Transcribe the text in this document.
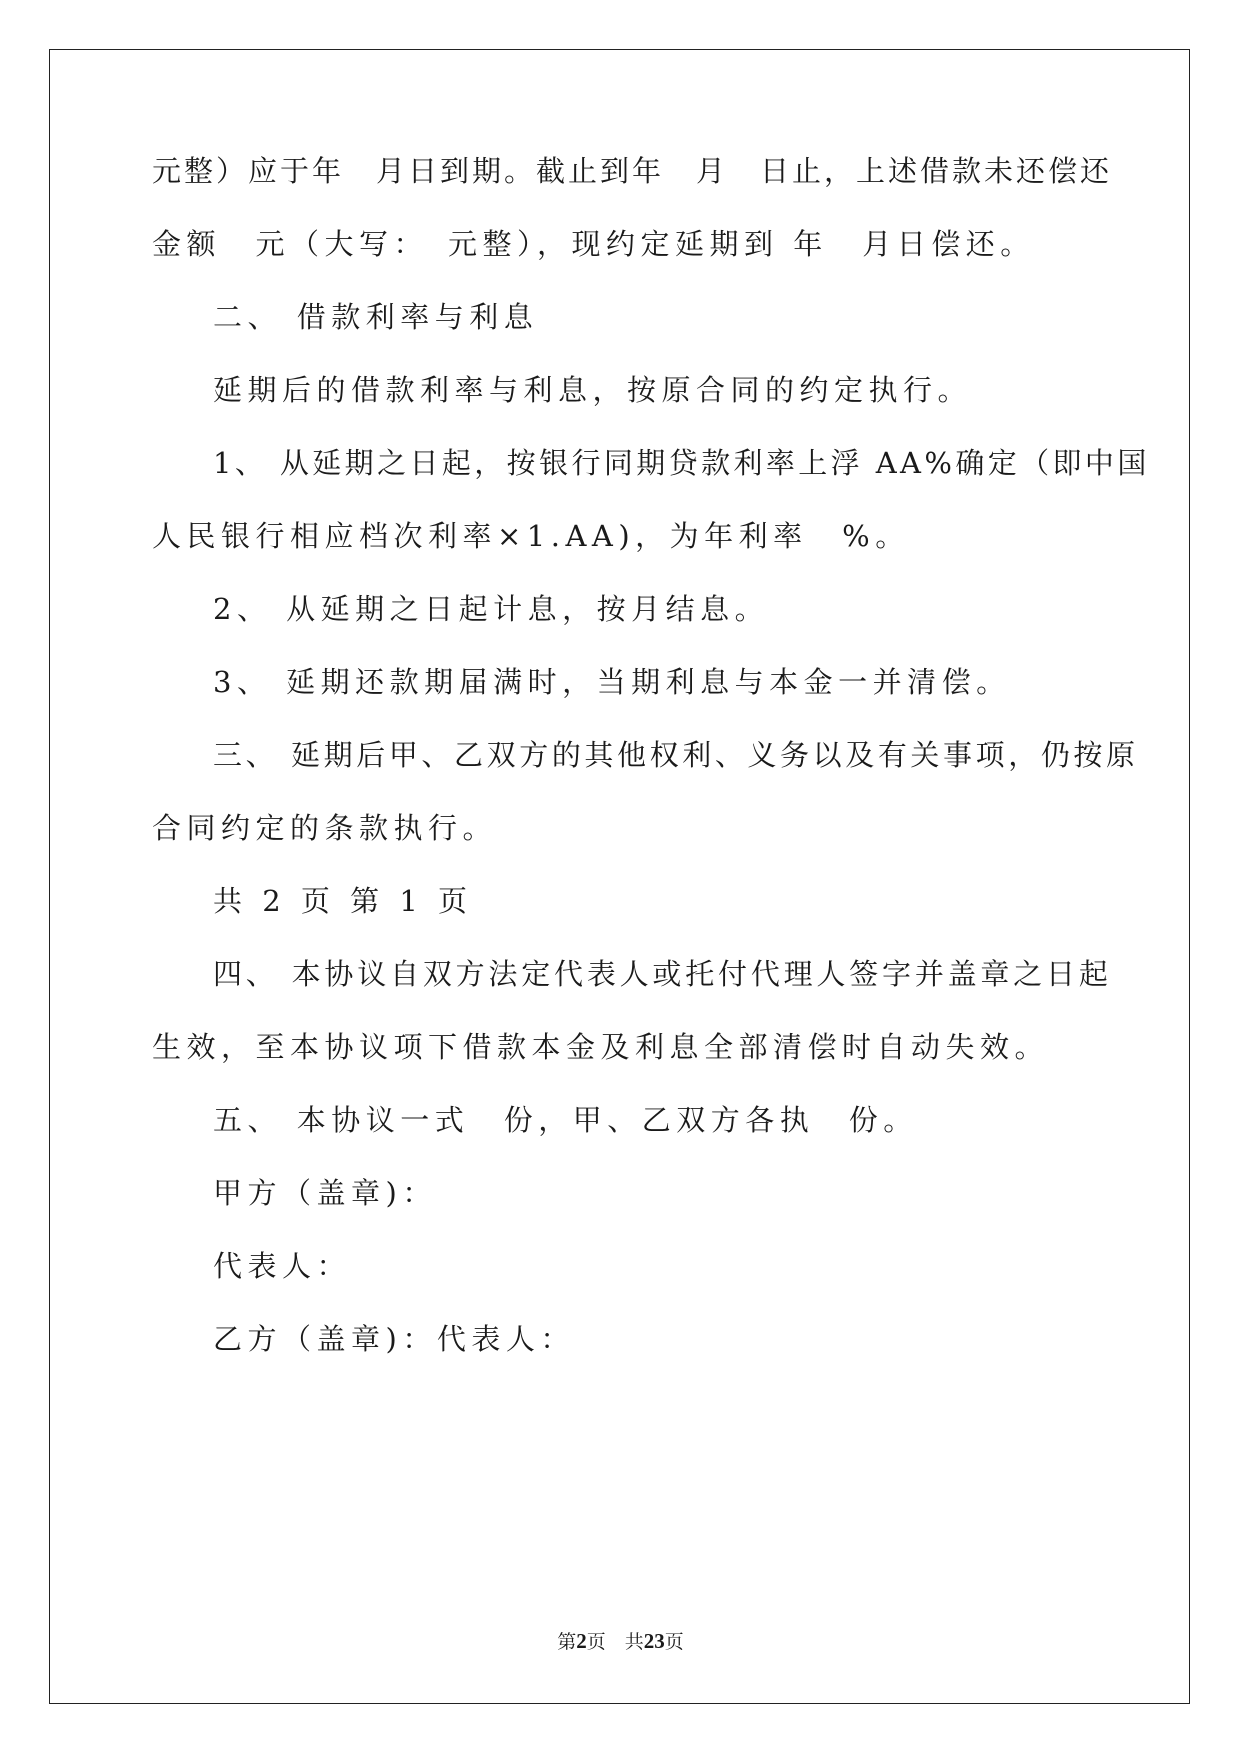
元整）应于年　月日到期。截止到年　月　日止，上述借款未还偿还
金额　元（大写：　元整），现约定延期到 年　月日偿还。
二、 借款利率与利息
延期后的借款利率与利息，按原合同的约定执行。
1、 从延期之日起，按银行同期贷款利率上浮 AA%确定（即中国
人民银行相应档次利率×1.AA)，为年利率　%。
2、 从延期之日起计息，按月结息。
3、 延期还款期届满时，当期利息与本金一并清偿。
三、 延期后甲、乙双方的其他权利、义务以及有关事项，仍按原
合同约定的条款执行。
共 2 页 第 1 页
四、 本协议自双方法定代表人或托付代理人签字并盖章之日起
生效，至本协议项下借款本金及利息全部清偿时自动失效。
五、 本协议一式　份，甲、乙双方各执　份。
甲方（盖章)：
代表人：
乙方（盖章)：代表人：
第2页　共23页
